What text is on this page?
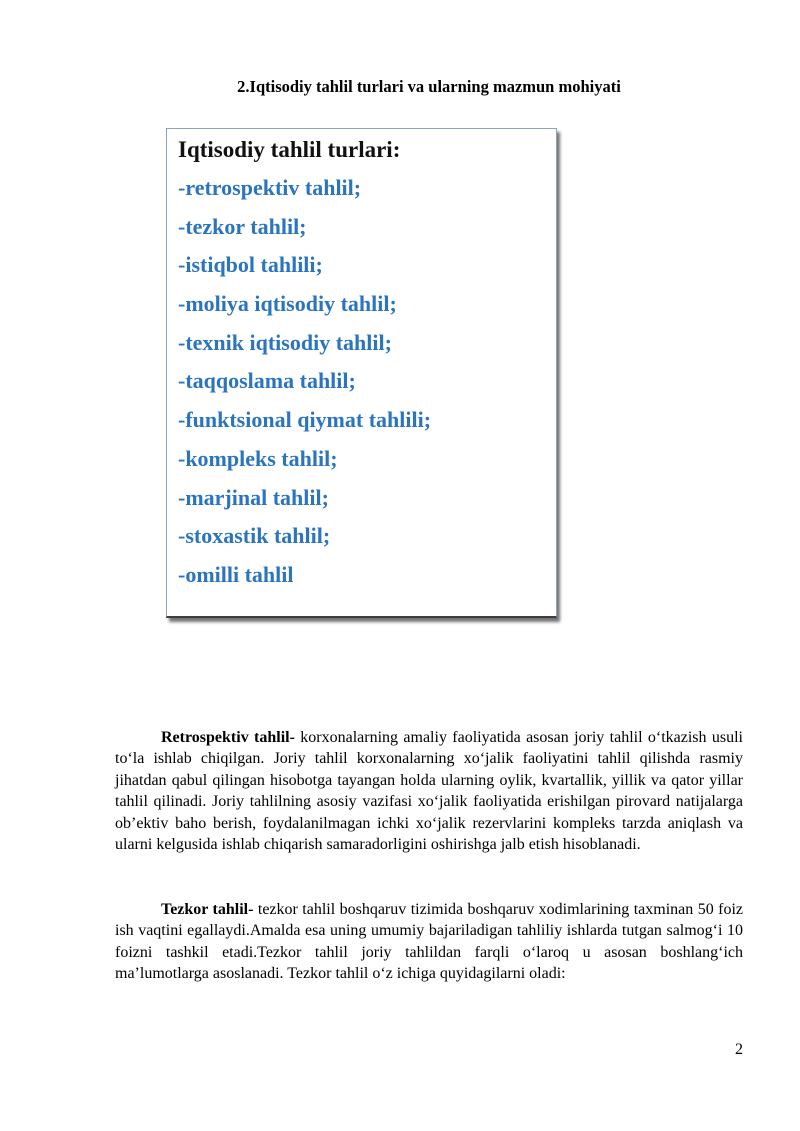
2.Iqtisodiy tahlil turlari va ularning mazmun mohiyati

Iqtisodiy tahlil turlari:

-retrospektiv tahlil;
-tezkor tahlil;
-istiqbol tahlili;
-moliya iqtisodiy tahlil;
-texnik iqtisodiy tahlil;
-taqqoslama tahlil;
-funktsional qiymat tahlili;
-kompleks tahlil;
-marjinal tahlil;
-stoxastik tahlil;
-omilli tahlil

Retrospektiv tahlil- korxonalarning amaliy faoliyatida asosan joriy tahlil o‘tkazish usuli to‘la ishlab chiqilgan. Joriy tahlil korxonalarning xo‘jalik faoliyatini tahlil qilishda rasmiy jihatdan qabul qilingan hisobotga tayangan holda ularning oylik, kvartallik, yillik va qator yillar tahlil qilinadi. Joriy tahlilning asosiy vazifasi xo‘jalik faoliyatida erishilgan pirovard natijalarga ob’ektiv baho berish, foydalanilmagan ichki xo‘jalik rezervlarini kompleks tarzda aniqlash va ularni kelgusida ishlab chiqarish samaradorligini oshirishga jalb etish hisoblanadi.

Tezkor tahlil- tezkor tahlil boshqaruv tizimida boshqaruv xodimlarining taxminan 50 foiz ish vaqtini egallaydi.Amalda esa uning umumiy bajariladigan tahliliy ishlarda tutgan salmog‘i 10 foizni tashkil etadi.Tezkor tahlil joriy tahlildan farqli o‘laroq u asosan boshlang‘ich ma’lumotlarga asoslanadi. Tezkor tahlil o‘z ichiga quyidagilarni oladi:

2
